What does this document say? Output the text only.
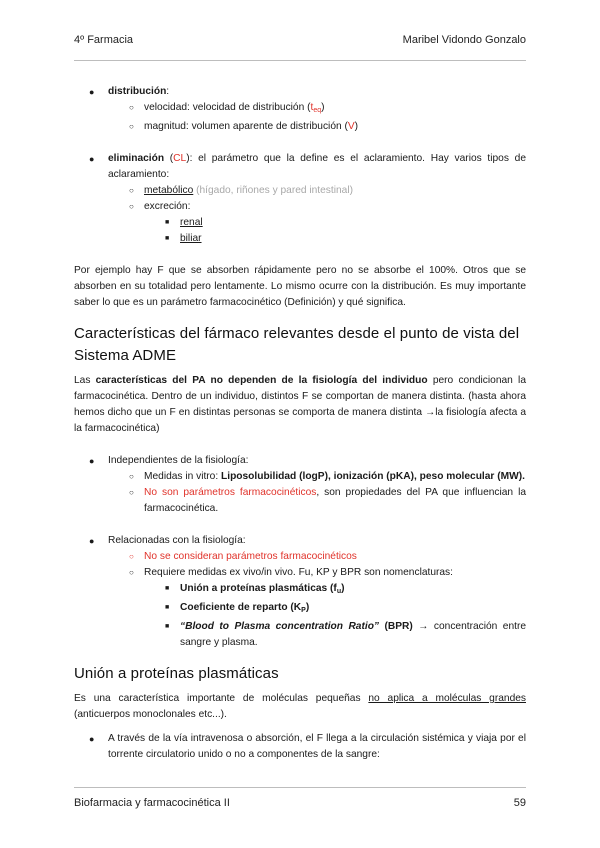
4º Farmacia	Maribel Vidondo Gonzalo
● distribución:
○ velocidad: velocidad de distribución $(t_{eq})$
○ magnitud: volumen aparente de distribución (V)
● eliminación (CL): el parámetro que la define es el aclaramiento. Hay varios tipos de aclaramiento:
○ metabólico (hígado, riñones y pared intestinal)
○ excreción:
■ renal
■ biliar
Por ejemplo hay F que se absorben rápidamente pero no se absorbe el 100%. Otros que se absorben en su totalidad pero lentamente. Lo mismo ocurre con la distribución. Es muy importante saber lo que es un parámetro farmacocinético (Definición) y qué significa.
Características del fármaco relevantes desde el punto de vista del Sistema ADME
Las características del PA no dependen de la fisiología del individuo pero condicionan la farmacocinética. Dentro de un individuo, distintos F se comportan de manera distinta. (hasta ahora hemos dicho que un F en distintas personas se comporta de manera distinta →la fisiología afecta a la farmacocinética)
● Independientes de la fisiología:
○ Medidas in vitro: Liposolubilidad (logP), ionización (pKA), peso molecular (MW).
○ No son parámetros farmacocinéticos, son propiedades del PA que influencian la farmacocinética.
● Relacionadas con la fisiología:
○ No se consideran parámetros farmacocinéticos
○ Requiere medidas ex vivo/in vivo. Fu, KP y BPR son nomenclaturas:
■ Unión a proteínas plasmáticas $(f_u)$
■ Coeficiente de reparto $(K_P)$
■ “Blood to Plasma concentration Ratio” (BPR) → concentración entre sangre y plasma.
Unión a proteínas plasmáticas
Es una característica importante de moléculas pequeñas no aplica a moléculas grandes (anticuerpos monoclonales etc...).
● A través de la vía intravenosa o absorción, el F llega a la circulación sistémica y viaja por el torrente circulatorio unido o no a componentes de la sangre:
Biofarmacia y farmacocinética II	59
